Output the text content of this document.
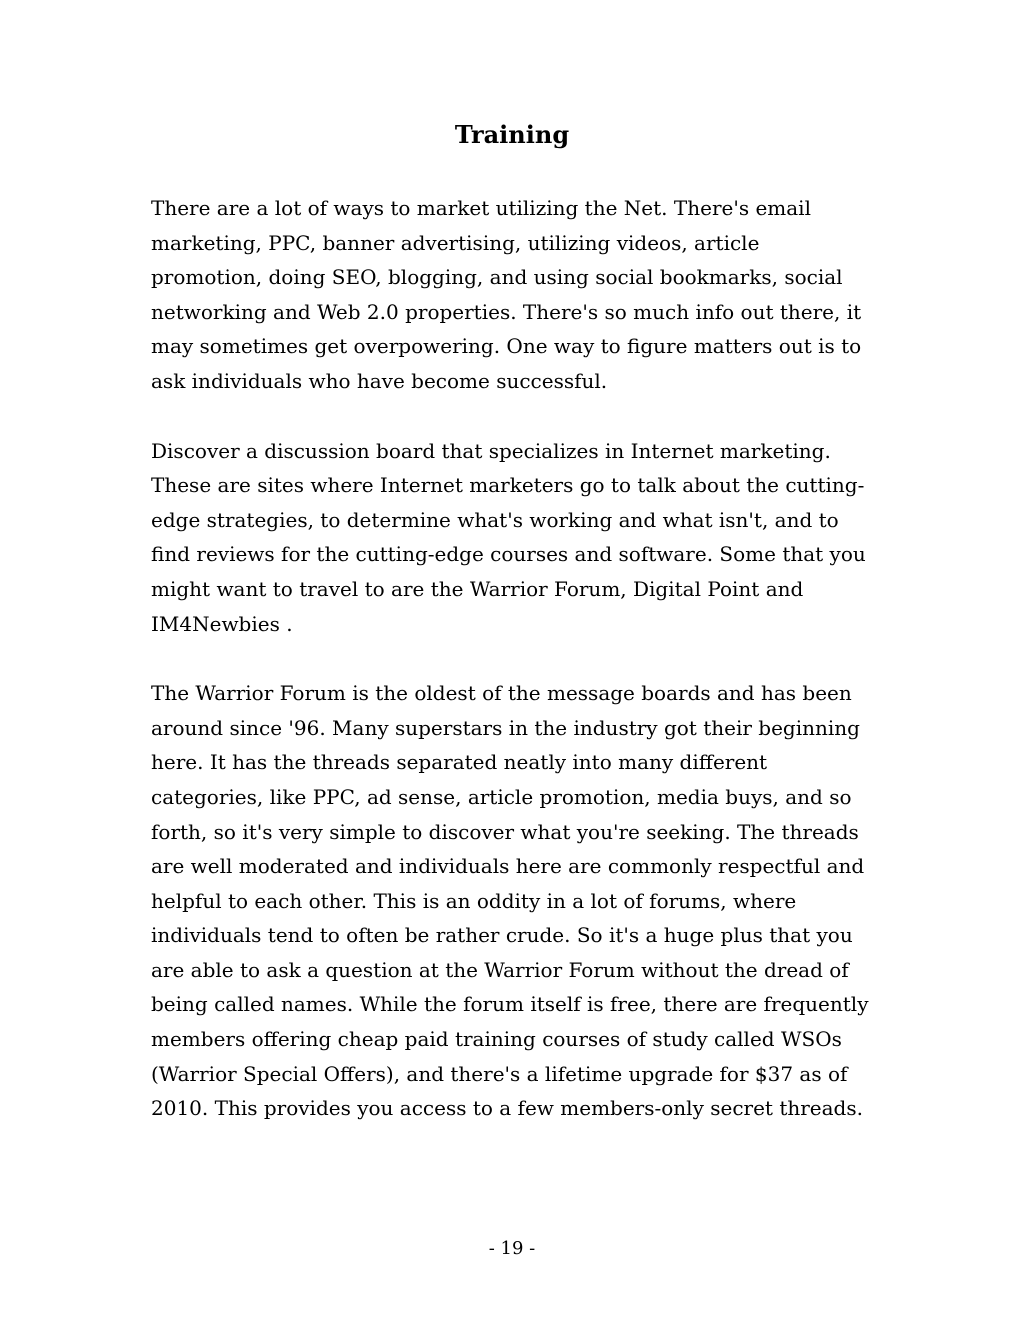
Training

There are a lot of ways to market utilizing the Net. There's email
marketing, PPC, banner advertising, utilizing videos, article
promotion, doing SEO, blogging, and using social bookmarks, social
networking and Web 2.0 properties. There's so much info out there, it
may sometimes get overpowering. One way to figure matters out is to
ask individuals who have become successful.

Discover a discussion board that specializes in Internet marketing.
These are sites where Internet marketers go to talk about the cutting-
edge strategies, to determine what's working and what isn't, and to
find reviews for the cutting-edge courses and software. Some that you
might want to travel to are the Warrior Forum, Digital Point and
IM4Newbies .

The Warrior Forum is the oldest of the message boards and has been
around since '96. Many superstars in the industry got their beginning
here. It has the threads separated neatly into many different
categories, like PPC, ad sense, article promotion, media buys, and so
forth, so it's very simple to discover what you're seeking. The threads
are well moderated and individuals here are commonly respectful and
helpful to each other. This is an oddity in a lot of forums, where
individuals tend to often be rather crude. So it's a huge plus that you
are able to ask a question at the Warrior Forum without the dread of
being called names. While the forum itself is free, there are frequently
members offering cheap paid training courses of study called WSOs
(Warrior Special Offers), and there's a lifetime upgrade for $37 as of
2010. This provides you access to a few members-only secret threads.

- 19 -
